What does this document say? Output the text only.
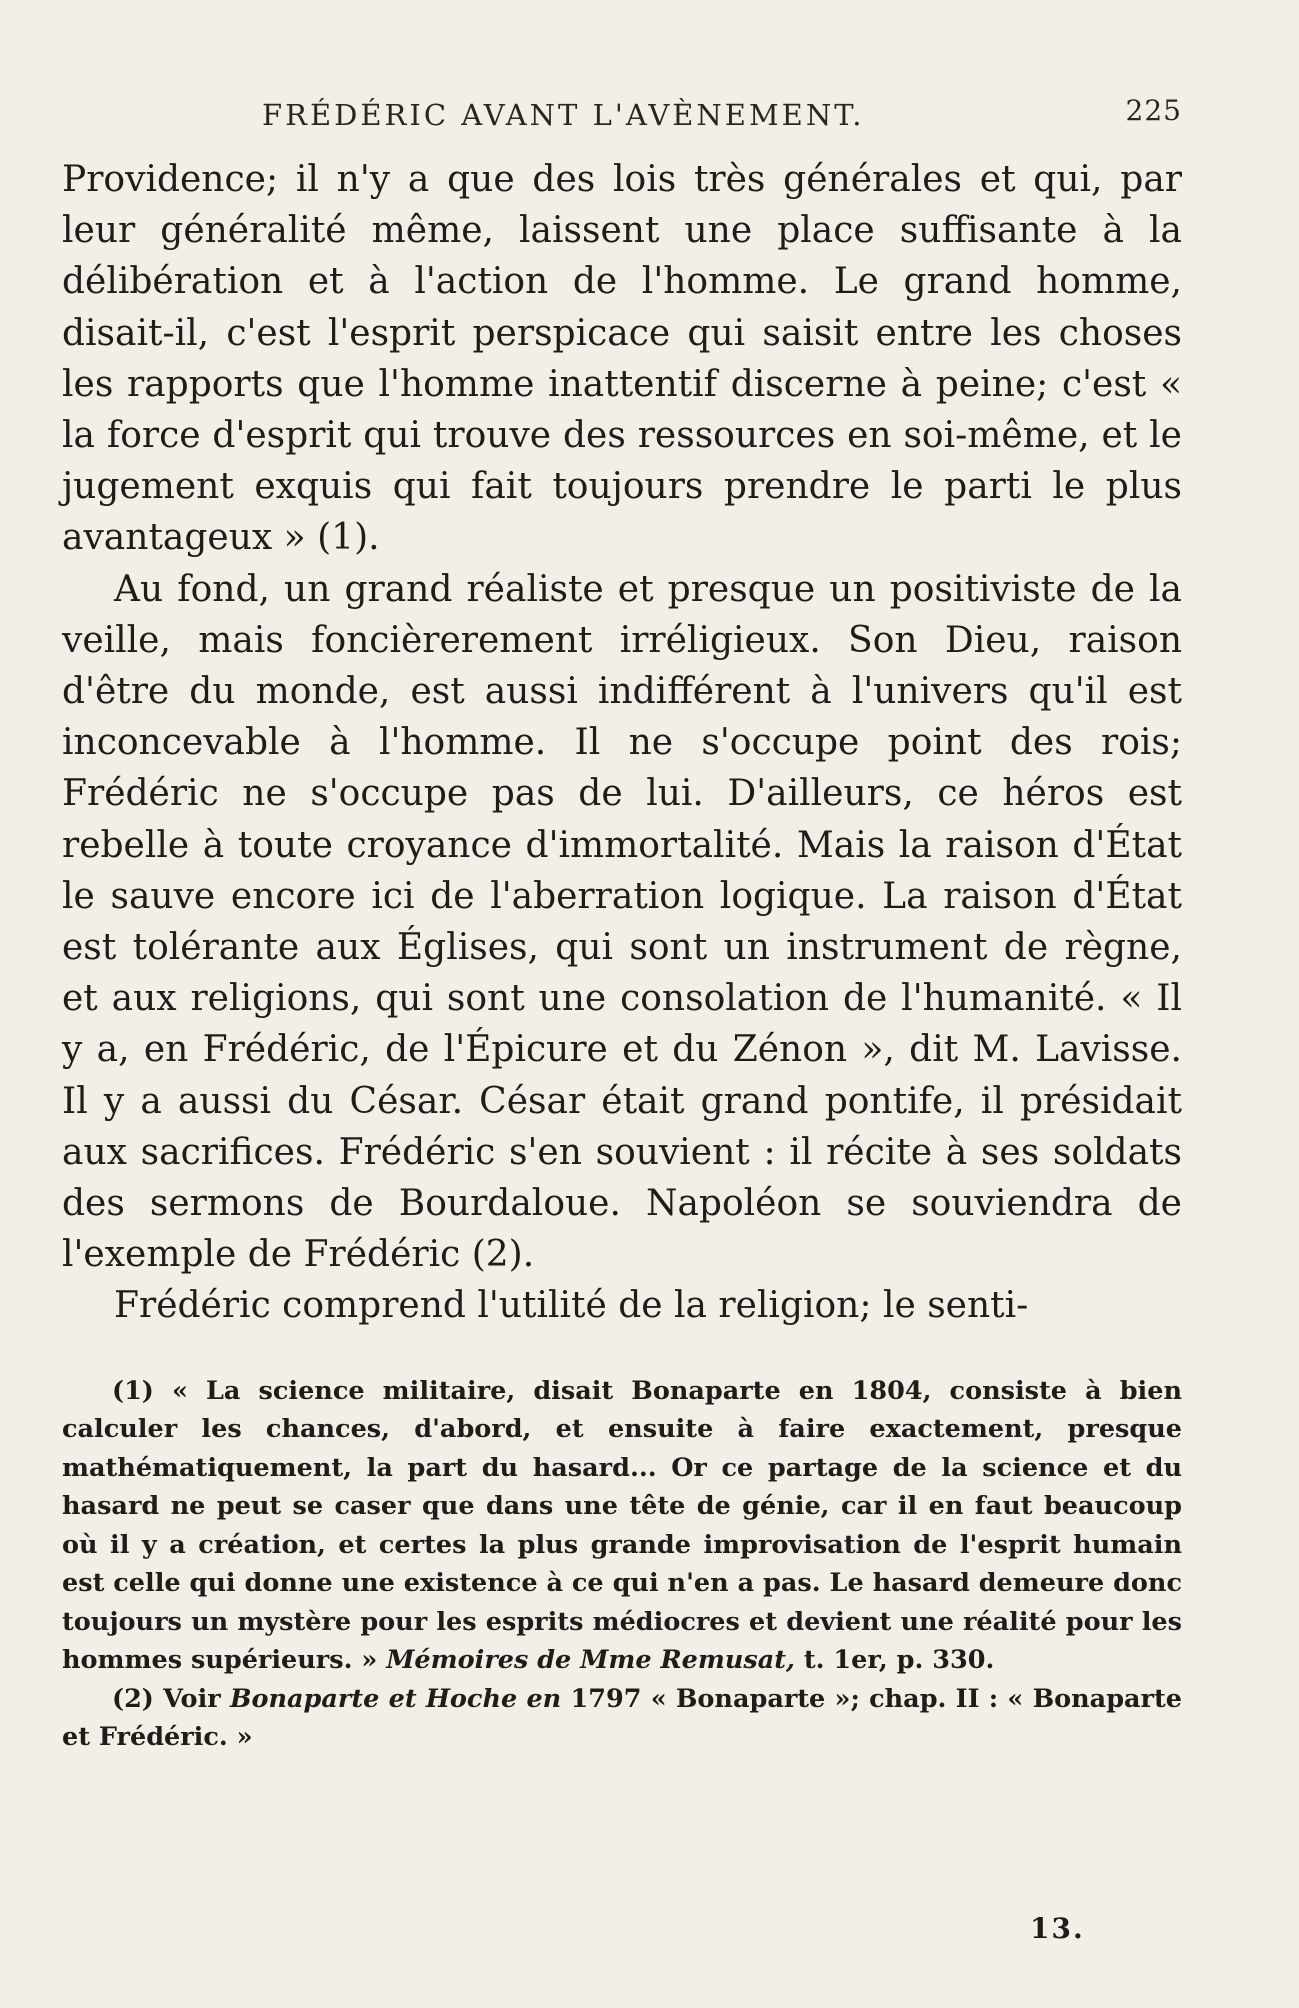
FRÉDÉRIC AVANT L'AVÈNEMENT.	225

Providence; il n'y a que des lois très générales et qui, par leur généralité même, laissent une place suffisante à la délibération et à l'action de l'homme. Le grand homme, disait-il, c'est l'esprit perspicace qui saisit entre les choses les rapports que l'homme inattentif discerne à peine; c'est « la force d'esprit qui trouve des ressources en soi-même, et le jugement exquis qui fait toujours prendre le parti le plus avantageux » (1).

Au fond, un grand réaliste et presque un positiviste de la veille, mais foncièrerement irréligieux. Son Dieu, raison d'être du monde, est aussi indifférent à l'univers qu'il est inconcevable à l'homme. Il ne s'occupe point des rois; Frédéric ne s'occupe pas de lui. D'ailleurs, ce héros est rebelle à toute croyance d'immortalité. Mais la raison d'État le sauve encore ici de l'aberration logique. La raison d'État est tolérante aux Églises, qui sont un instrument de règne, et aux religions, qui sont une consolation de l'humanité. « Il y a, en Frédéric, de l'Épicure et du Zénon », dit M. Lavisse. Il y a aussi du César. César était grand pontife, il présidait aux sacrifices. Frédéric s'en souvient : il récite à ses soldats des sermons de Bourdaloue. Napoléon se souviendra de l'exemple de Frédéric (2).

Frédéric comprend l'utilité de la religion; le senti-

(1) « La science militaire, disait Bonaparte en 1804, consiste à bien calculer les chances, d'abord, et ensuite à faire exactement, presque mathématiquement, la part du hasard... Or ce partage de la science et du hasard ne peut se caser que dans une tête de génie, car il en faut beaucoup où il y a création, et certes la plus grande improvisation de l'esprit humain est celle qui donne une existence à ce qui n'en a pas. Le hasard demeure donc toujours un mystère pour les esprits médiocres et devient une réalité pour les hommes supérieurs. » Mémoires de Mme Remusat, t. 1er, p. 330.

(2) Voir Bonaparte et Hoche en 1797 « Bonaparte »; chap. II : « Bonaparte et Frédéric. »

13.
